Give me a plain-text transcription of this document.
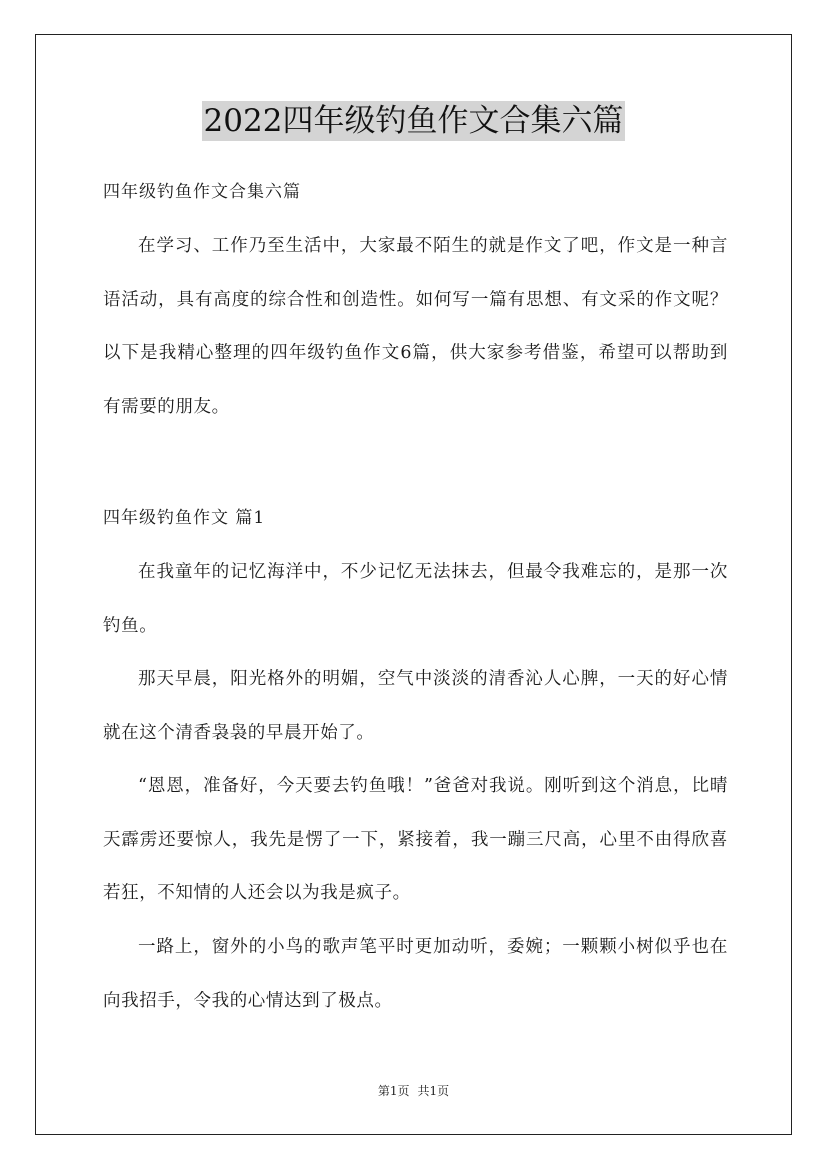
2022四年级钓鱼作文合集六篇
四年级钓鱼作文合集六篇

在学习、工作乃至生活中，大家最不陌生的就是作文了吧，作文是一种言语活动，具有高度的综合性和创造性。如何写一篇有思想、有文采的作文呢？以下是我精心整理的四年级钓鱼作文6篇，供大家参考借鉴，希望可以帮助到有需要的朋友。

四年级钓鱼作文 篇1

在我童年的记忆海洋中，不少记忆无法抹去，但最令我难忘的，是那一次钓鱼。

那天早晨，阳光格外的明媚，空气中淡淡的清香沁人心脾，一天的好心情就在这个清香袅袅的早晨开始了。

“恩恩，准备好，今天要去钓鱼哦！”爸爸对我说。刚听到这个消息，比晴天霹雳还要惊人，我先是愣了一下，紧接着，我一蹦三尺高，心里不由得欣喜若狂，不知情的人还会以为我是疯子。

一路上，窗外的小鸟的歌声笔平时更加动听，委婉；一颗颗小树似乎也在向我招手，令我的心情达到了极点。

第1页 共1页
